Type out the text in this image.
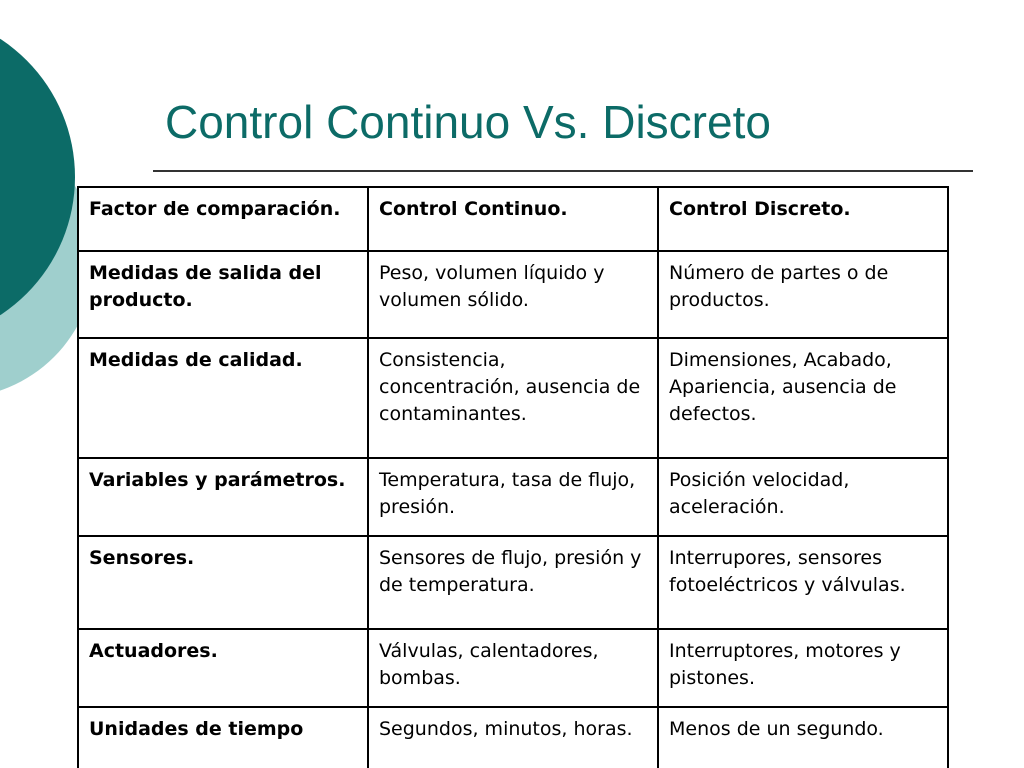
Control Continuo Vs. Discreto
Factor de comparación.	Control Continuo.	Control Discreto.
Medidas de salida del producto.	Peso, volumen líquido y volumen sólido.	Número de partes o de productos.
Medidas de calidad.	Consistencia, concentración, ausencia de contaminantes.	Dimensiones, Acabado, Apariencia, ausencia de defectos.
Variables y parámetros.	Temperatura, tasa de flujo, presión.	Posición velocidad, aceleración.
Sensores.	Sensores de flujo, presión y de temperatura.	Interrupores, sensores fotoeléctricos y válvulas.
Actuadores.	Válvulas, calentadores, bombas.	Interruptores, motores y pistones.
Unidades de tiempo	Segundos, minutos, horas.	Menos de un segundo.
